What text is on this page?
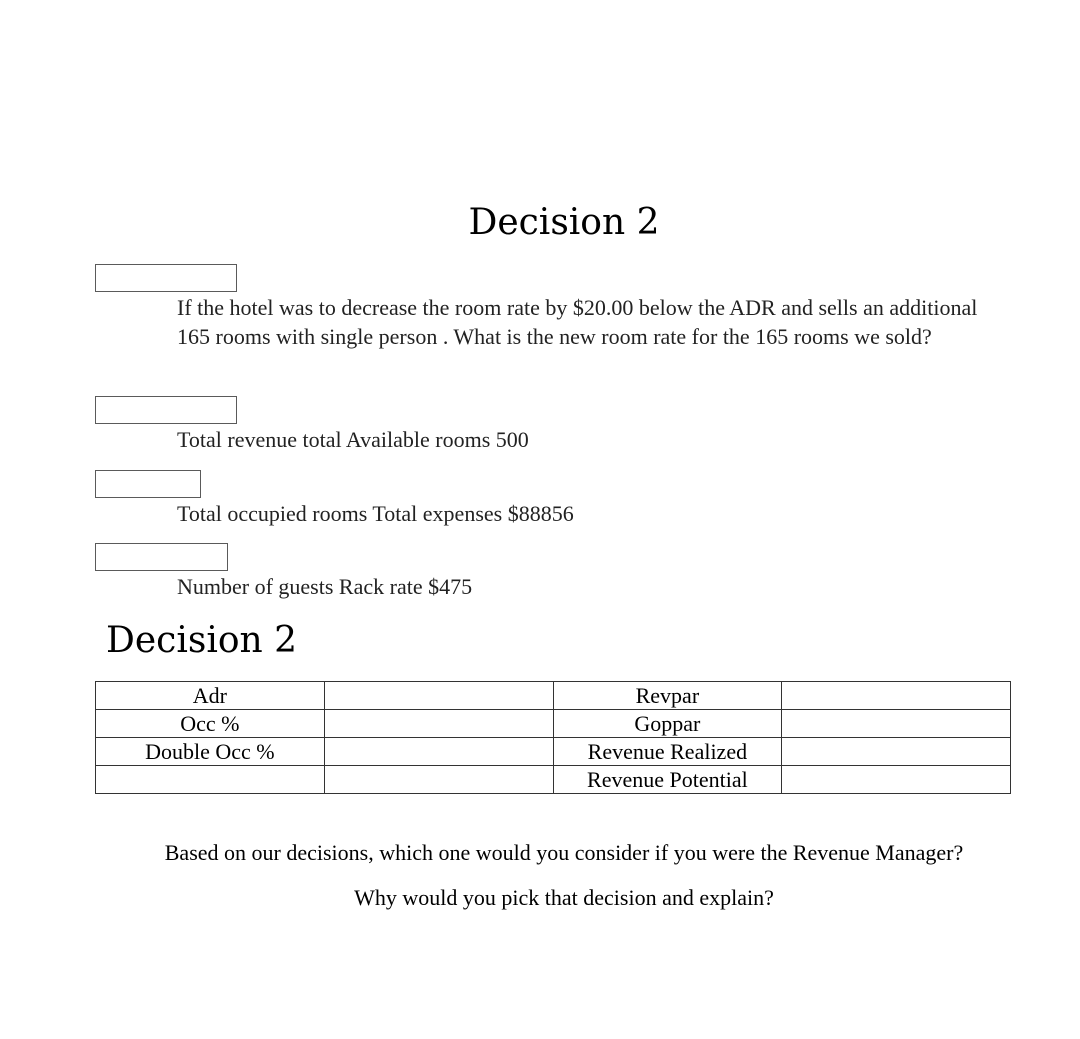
Decision 2
If the hotel was to decrease the room rate by $20.00 below the ADR and sells an additional 165 rooms with single person . What is the new room rate for the 165 rooms we sold?
Total revenue total Available rooms 500
Total occupied rooms Total expenses $88856
Number of guests Rack rate $475
Decision 2
Adr		Revpar	
Occ %		Goppar	
Double Occ %		Revenue Realized	
		Revenue Potential	
Based on our decisions, which one would you consider if you were the Revenue Manager?
Why would you pick that decision and explain?
